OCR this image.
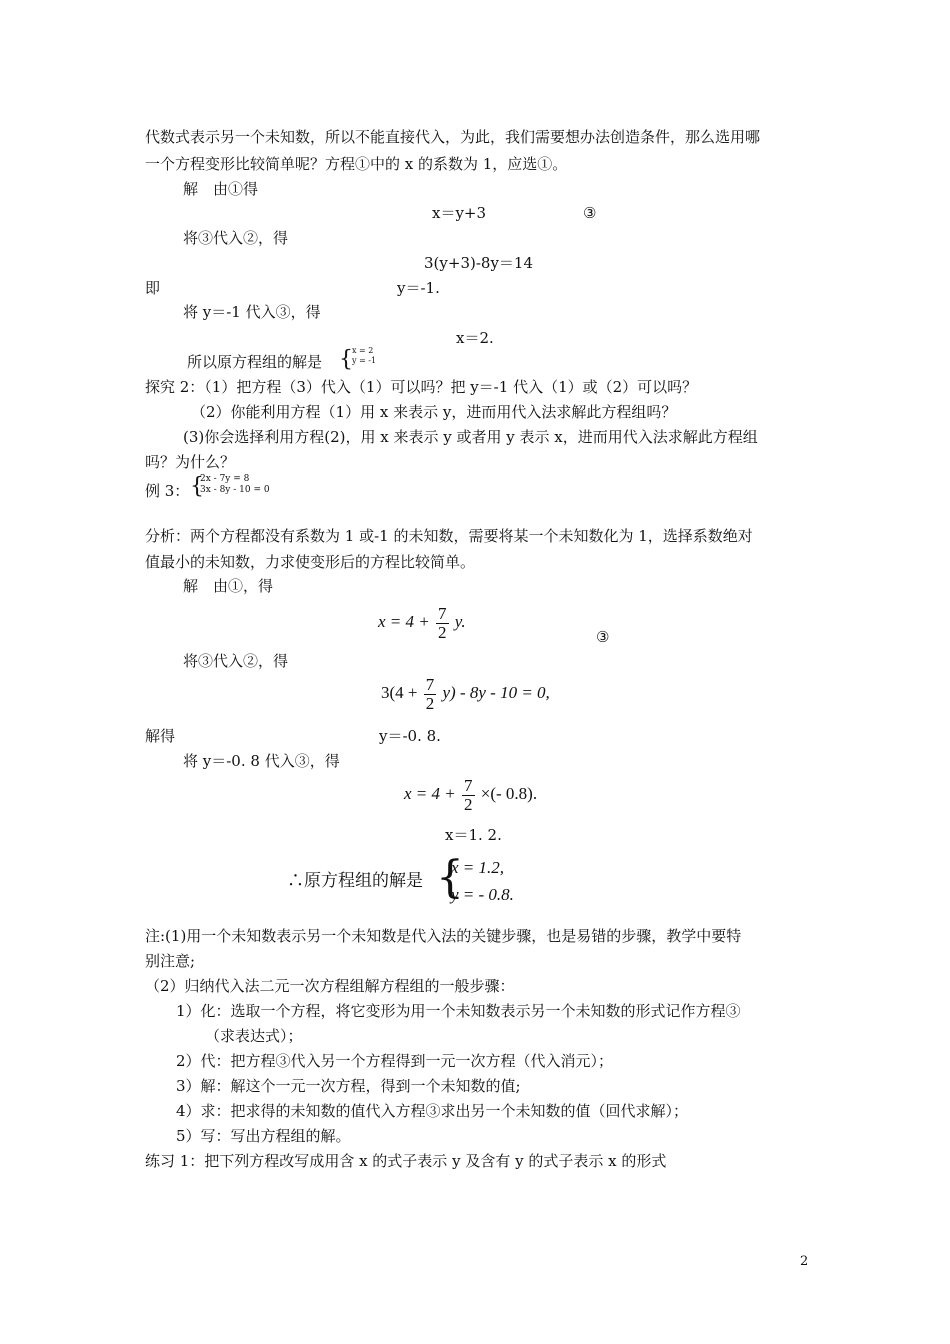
代数式表示另一个未知数，所以不能直接代入，为此，我们需要想办法创造条件，那么选用哪
一个方程变形比较简单呢？方程①中的 x 的系数为 1，应选①。
解　由①得
x＝y+3	③
将③代入②，得
3(y+3)-8y＝14
即	y＝-1.
将 y＝-1 代入③，得
x＝2.
所以原方程组的解是 { x = 2
y = -1
探究 2：（1）把方程（3）代入（1）可以吗？把 y＝-1 代入（1）或（2）可以吗？
（2）你能利用方程（1）用 x 来表示 y，进而用代入法求解此方程组吗？
(3)你会选择利用方程(2)，用 x 来表示 y 或者用 y 表示 x，进而用代入法求解此方程组
吗？为什么？
例 3： {
2x - 7y = 8
3x - 8y - 10 = 0
分析：两个方程都没有系数为 1 或-1 的未知数，需要将某一个未知数化为 1，选择系数绝对
值最小的未知数，力求使变形后的方程比较简单。
解　由①，得
$x = 4 + \frac{7}{2} y$.
③
将③代入②，得
$3(4 + \frac{7}{2} y) - 8y - 10 = 0$,
解得	y＝-0. 8.
将 y＝-0. 8 代入③，得
$x = 4 + \frac{7}{2}$ ×(- 0.8).
x＝1. 2.
∴原方程组的解是 {
x = 1.2,
y = - 0.8.
注:(1)用一个未知数表示另一个未知数是代入法的关键步骤，也是易错的步骤，教学中要特
别注意;
（2）归纳代入法二元一次方程组解方程组的一般步骤：
1）化：选取一个方程，将它变形为用一个未知数表示另一个未知数的形式记作方程③
（求表达式）；
2）代：把方程③代入另一个方程得到一元一次方程（代入消元）；
3）解：解这个一元一次方程，得到一个未知数的值;
4）求：把求得的未知数的值代入方程③求出另一个未知数的值（回代求解）；
5）写：写出方程组的解。
练习 1：把下列方程改写成用含 x 的式子表示 y 及含有 y 的式子表示 x 的形式
2
